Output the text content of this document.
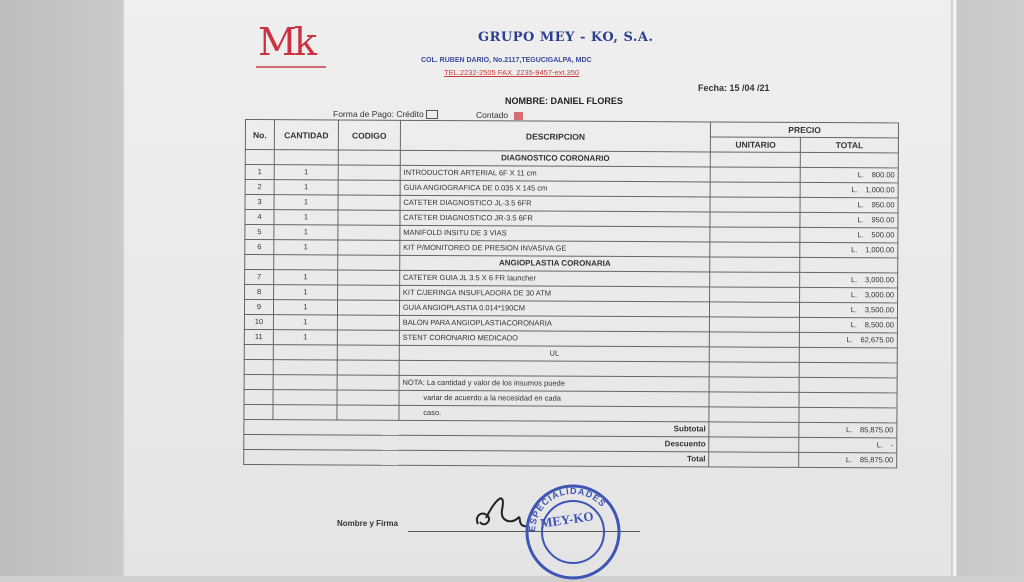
Mk	GRUPO MEY - KO, S.A.
COL. RUBEN DARIO, No.2117,TEGUCIGALPA, MDC
TEL.2232-2505 FAX. 2235-9457-ext.350
Fecha: 15 /04 /21
NOMBRE: DANIEL FLORES
Forma de Pago: Crédito	Contado
No.	CANTIDAD	CODIGO	DESCRIPCION	PRECIO	
				UNITARIO	TOTAL
			DIAGNOSTICO CORONARIO		
1	1		INTRODUCTOR ARTERIAL 6F X 11 cm		L. 800.00
2	1		GUIA ANGIOGRAFICA DE 0.035 X 145 cm		L. 1,000.00
3	1		CATETER DIAGNOSTICO JL-3.5 6FR		L. 950.00
4	1		CATETER DIAGNOSTICO JR-3.5 6FR		L. 950.00
5	1		MANIFOLD INSITU DE 3 VIAS		L. 500.00
6	1		KIT P/MONITOREO DE PRESION INVASIVA GE		L. 1,000.00
			ANGIOPLASTIA CORONARIA		
7	1		CATETER GUIA JL 3.5 X 6 FR launcher		L. 3,000.00
8	1		KIT C/JERINGA INSUFLADORA DE 30 ATM		L. 3,000.00
9	1		GUIA ANGIOPLASTIA 0.014*190CM		L. 3,500.00
10	1		BALON PARA ANGIOPLASTIACORONARIA		L. 8,500.00
11	1		STENT CORONARIO MEDICADO		L. 62,675.00
			UL		

			NOTA: La cantidad y valor de los insumos puede		
			variar de acuerdo a la necesidad en cada		
			caso.		
Subtotal					L. 85,875.00
Descuento					L. -
Total					L. 85,875.00
Nombre y Firma
ESPECIALIDADES
MEY-KO
